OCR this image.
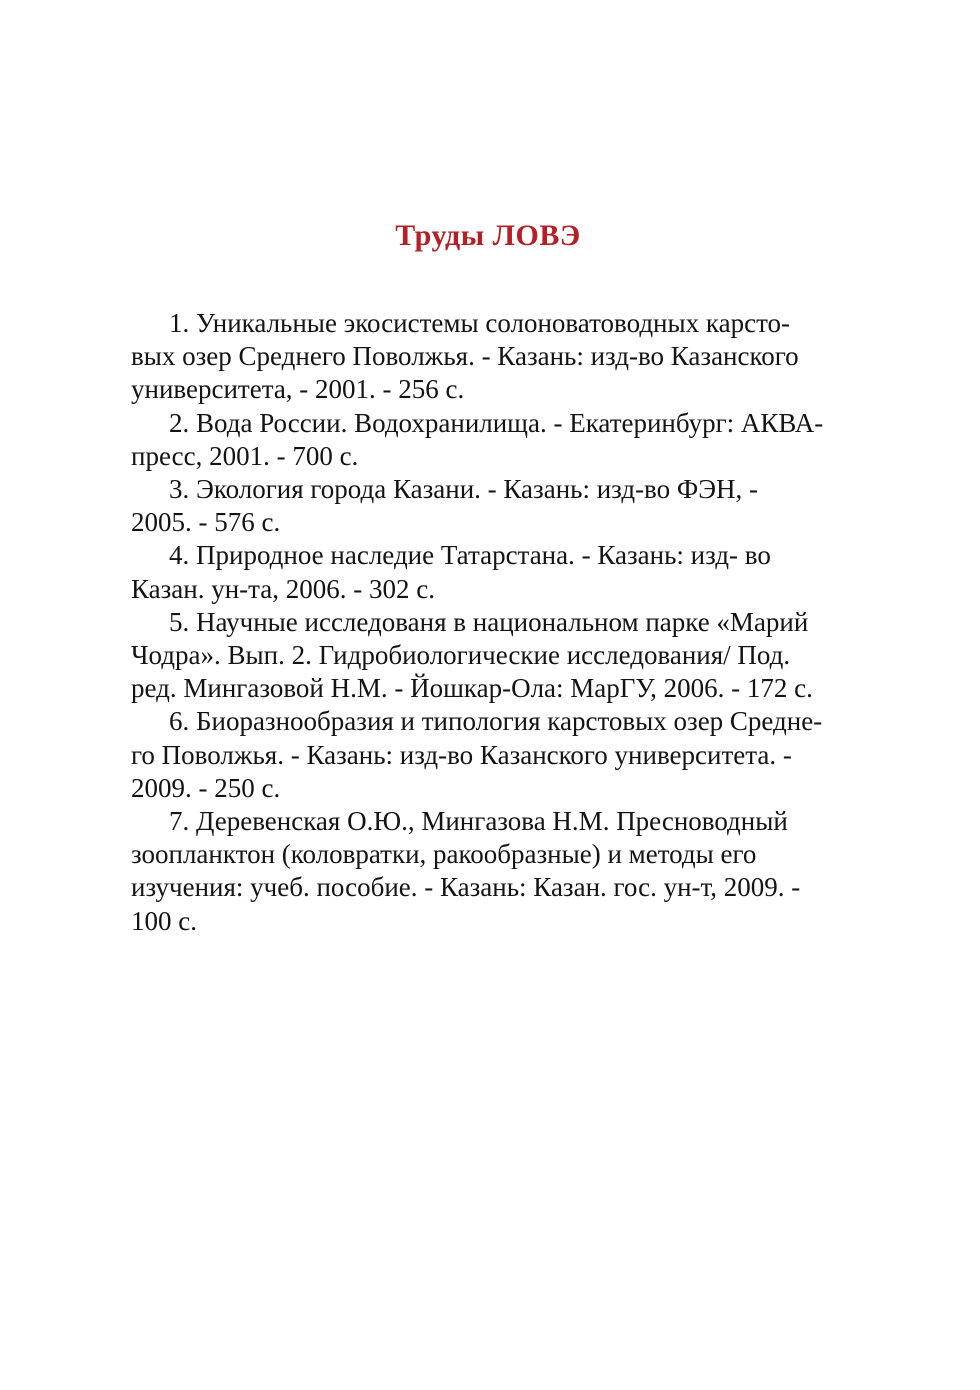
Труды ЛОВЭ

1. Уникальные экосистемы солоноватоводных карсто-
вых озер Среднего Поволжья. - Казань: изд-во Казанского
университета, - 2001. - 256 с.

2. Вода России. Водохранилища. - Екатеринбург: АКВА-
пресс, 2001. - 700 с.

3. Экология города Казани. - Казань: изд-во ФЭН, -
2005. - 576 с.

4. Природное наследие Татарстана. - Казань: изд- во
Казан. ун-та, 2006. - 302 с.

5. Научные исследованя в национальном парке «Марий
Чодра». Вып. 2. Гидробиологические исследования/ Под.
ред. Мингазовой Н.М. - Йошкар-Ола: МарГУ, 2006. - 172 с.

6. Биоразнообразия и типология карстовых озер Средне-
го Поволжья. - Казань: изд-во Казанского университета. -
2009. - 250 с.

7. Деревенская О.Ю., Мингазова Н.М. Пресноводный
зоопланктон (коловратки, ракообразные) и методы его
изучения: учеб. пособие. - Казань: Казан. гос. ун-т, 2009. -
100 с.
